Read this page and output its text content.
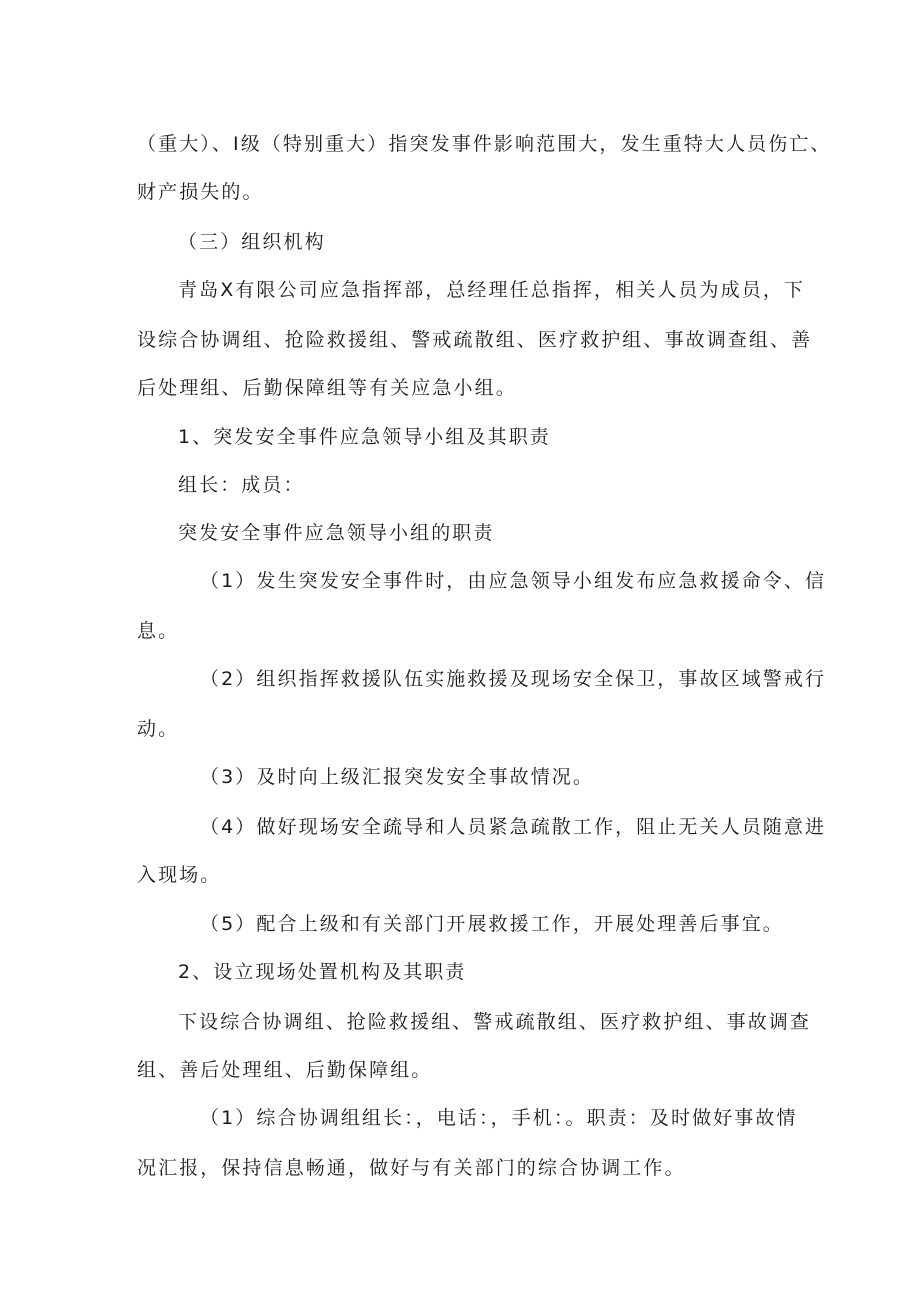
（重大）、I级（特别重大）指突发事件影响范围大，发生重特大人员伤亡、
财产损失的。
（三）组织机构
青岛X有限公司应急指挥部，总经理任总指挥，相关人员为成员，下
设综合协调组、抢险救援组、警戒疏散组、医疗救护组、事故调查组、善
后处理组、后勤保障组等有关应急小组。
1、突发安全事件应急领导小组及其职责
组长：成员：
突发安全事件应急领导小组的职责
（1）发生突发安全事件时，由应急领导小组发布应急救援命令、信
息。
（2）组织指挥救援队伍实施救援及现场安全保卫，事故区域警戒行
动。
（3）及时向上级汇报突发安全事故情况。
（4）做好现场安全疏导和人员紧急疏散工作，阻止无关人员随意进
入现场。
（5）配合上级和有关部门开展救援工作，开展处理善后事宜。
2、设立现场处置机构及其职责
下设综合协调组、抢险救援组、警戒疏散组、医疗救护组、事故调查
组、善后处理组、后勤保障组。
（1）综合协调组组长：，电话：，手机：。职责：及时做好事故情
况汇报，保持信息畅通，做好与有关部门的综合协调工作。
